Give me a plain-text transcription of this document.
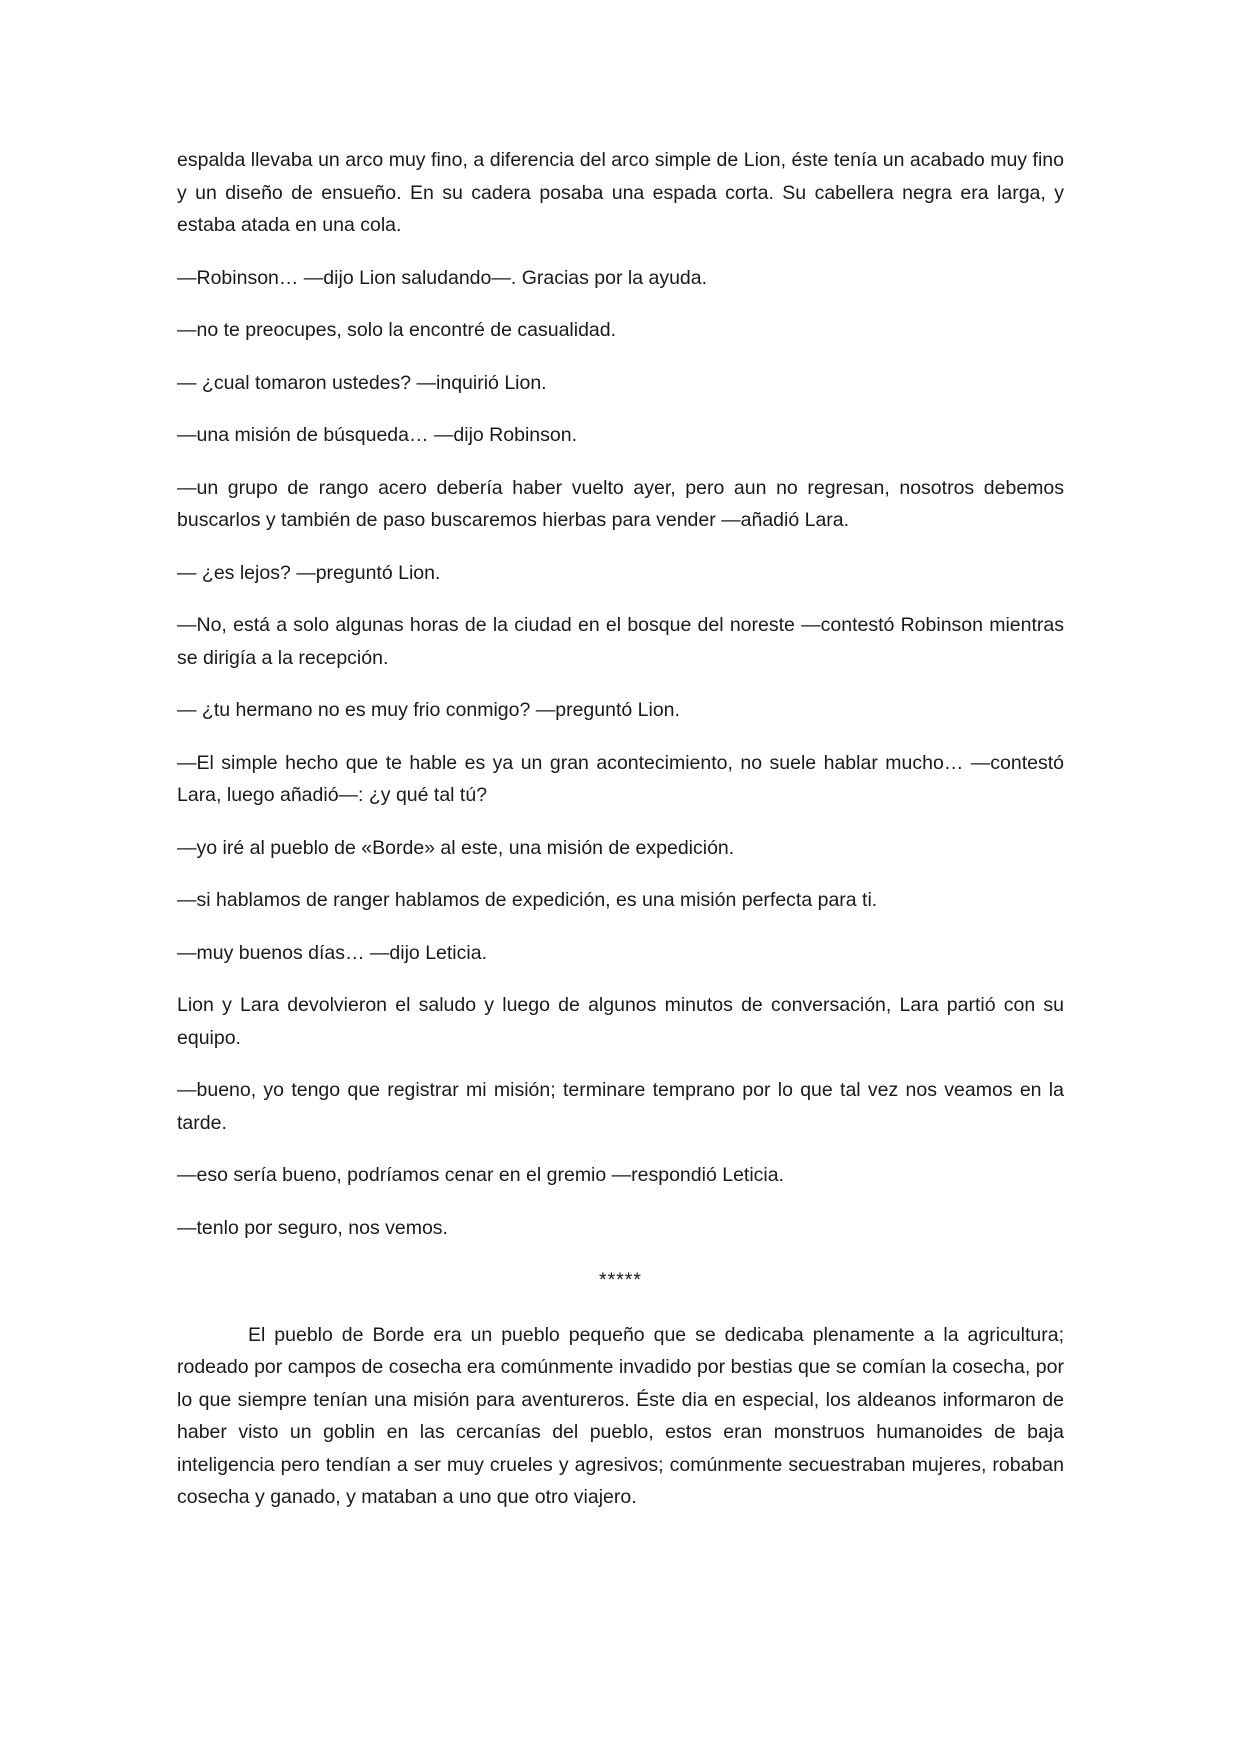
espalda llevaba un arco muy fino, a diferencia del arco simple de Lion, éste tenía un acabado muy fino y un diseño de ensueño. En su cadera posaba una espada corta. Su cabellera negra era larga, y estaba atada en una cola.

—Robinson… —dijo Lion saludando—. Gracias por la ayuda.

—no te preocupes, solo la encontré de casualidad.

— ¿cual tomaron ustedes? —inquirió Lion.

—una misión de búsqueda… —dijo Robinson.

—un grupo de rango acero debería haber vuelto ayer, pero aun no regresan, nosotros debemos buscarlos y también de paso buscaremos hierbas para vender —añadió Lara.

— ¿es lejos? —preguntó Lion.

—No, está a solo algunas horas de la ciudad en el bosque del noreste —contestó Robinson mientras se dirigía a la recepción.

— ¿tu hermano no es muy frio conmigo? —preguntó Lion.

—El simple hecho que te hable es ya un gran acontecimiento, no suele hablar mucho… —contestó Lara, luego añadió—: ¿y qué tal tú?

—yo iré al pueblo de «Borde» al este, una misión de expedición.

—si hablamos de ranger hablamos de expedición, es una misión perfecta para ti.

—muy buenos días… —dijo Leticia.

Lion y Lara devolvieron el saludo y luego de algunos minutos de conversación, Lara partió con su equipo.

—bueno, yo tengo que registrar mi misión; terminare temprano por lo que tal vez nos veamos en la tarde.

—eso sería bueno, podríamos cenar en el gremio —respondió Leticia.

—tenlo por seguro, nos vemos.

*****

El pueblo de Borde era un pueblo pequeño que se dedicaba plenamente a la agricultura; rodeado por campos de cosecha era comúnmente invadido por bestias que se comían la cosecha, por lo que siempre tenían una misión para aventureros. Éste dia en especial, los aldeanos informaron de haber visto un goblin en las cercanías del pueblo, estos eran monstruos humanoides de baja inteligencia pero tendían a ser muy crueles y agresivos; comúnmente secuestraban mujeres, robaban cosecha y ganado, y mataban a uno que otro viajero.
